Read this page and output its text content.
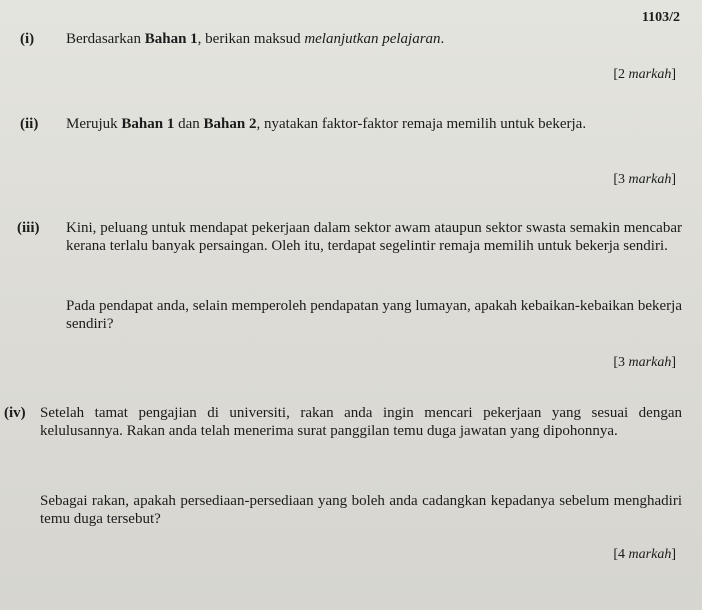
1103/2
(i) Berdasarkan Bahan 1, berikan maksud melanjutkan pelajaran.
[2 markah]
(ii) Merujuk Bahan 1 dan Bahan 2, nyatakan faktor-faktor remaja memilih untuk bekerja.
[3 markah]
(iii) Kini, peluang untuk mendapat pekerjaan dalam sektor awam ataupun sektor swasta semakin mencabar kerana terlalu banyak persaingan. Oleh itu, terdapat segelintir remaja memilih untuk bekerja sendiri.
Pada pendapat anda, selain memperoleh pendapatan yang lumayan, apakah kebaikan-kebaikan bekerja sendiri?
[3 markah]
(iv) Setelah tamat pengajian di universiti, rakan anda ingin mencari pekerjaan yang sesuai dengan kelulusannya. Rakan anda telah menerima surat panggilan temu duga jawatan yang dipohonnya.
Sebagai rakan, apakah persediaan-persediaan yang boleh anda cadangkan kepadanya sebelum menghadiri temu duga tersebut?
[4 markah]
